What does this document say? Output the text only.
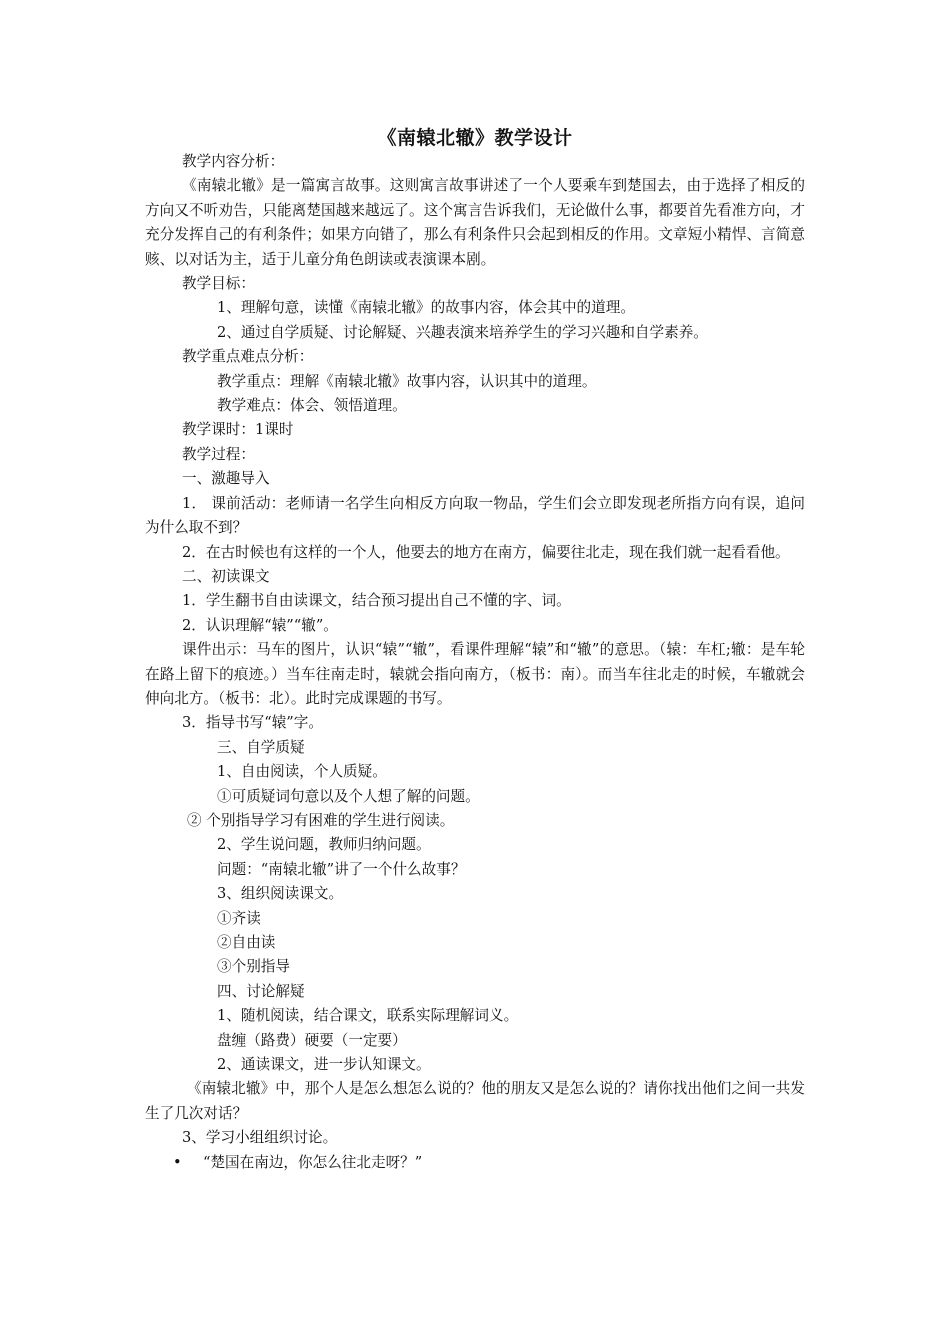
《南辕北辙》教学设计

教学内容分析：

《南辕北辙》是一篇寓言故事。这则寓言故事讲述了一个人要乘车到楚国去，由于选择了相反的方向又不听劝告，只能离楚国越来越远了。这个寓言告诉我们，无论做什么事，都要首先看准方向，才充分发挥自己的有利条件；如果方向错了，那么有利条件只会起到相反的作用。文章短小精悍、言简意赅、以对话为主，适于儿童分角色朗读或表演课本剧。

教学目标：

1、理解句意，读懂《南辕北辙》的故事内容，体会其中的道理。

2、通过自学质疑、讨论解疑、兴趣表演来培养学生的学习兴趣和自学素养。

教学重点难点分析：

教学重点：理解《南辕北辙》故事内容，认识其中的道理。

教学难点：体会、领悟道理。

教学课时：1课时

教学过程：

一、激趣导入

1． 课前活动：老师请一名学生向相反方向取一物品，学生们会立即发现老所指方向有误，追问为什么取不到？

2．在古时候也有这样的一个人，他要去的地方在南方，偏要往北走，现在我们就一起看看他。

二、初读课文

1．学生翻书自由读课文，结合预习提出自己不懂的字、词。

2．认识理解“辕”“辙”。

课件出示：马车的图片，认识“辕”“辙”，看课件理解“辕”和“辙”的意思。（辕：车杠;辙：是车轮在路上留下的痕迹。）当车往南走时，辕就会指向南方，（板书：南）。而当车往北走的时候，车辙就会伸向北方。（板书：北）。此时完成课题的书写。

3．指导书写“辕”字。

三、自学质疑

1、自由阅读，个人质疑。

①可质疑词句意以及个人想了解的问题。

② 个别指导学习有困难的学生进行阅读。

2、学生说问题，教师归纳问题。

问题：“南辕北辙”讲了一个什么故事？

3、组织阅读课文。

①齐读

②自由读

③个别指导

四、讨论解疑

1、随机阅读，结合课文，联系实际理解词义。

盘缠（路费）硬要（一定要）

2、通读课文，进一步认知课文。

《南辕北辙》中，那个人是怎么想怎么说的？他的朋友又是怎么说的？请你找出他们之间一共发生了几次对话？

3、学习小组组织讨论。

• “楚国在南边，你怎么往北走呀？”
